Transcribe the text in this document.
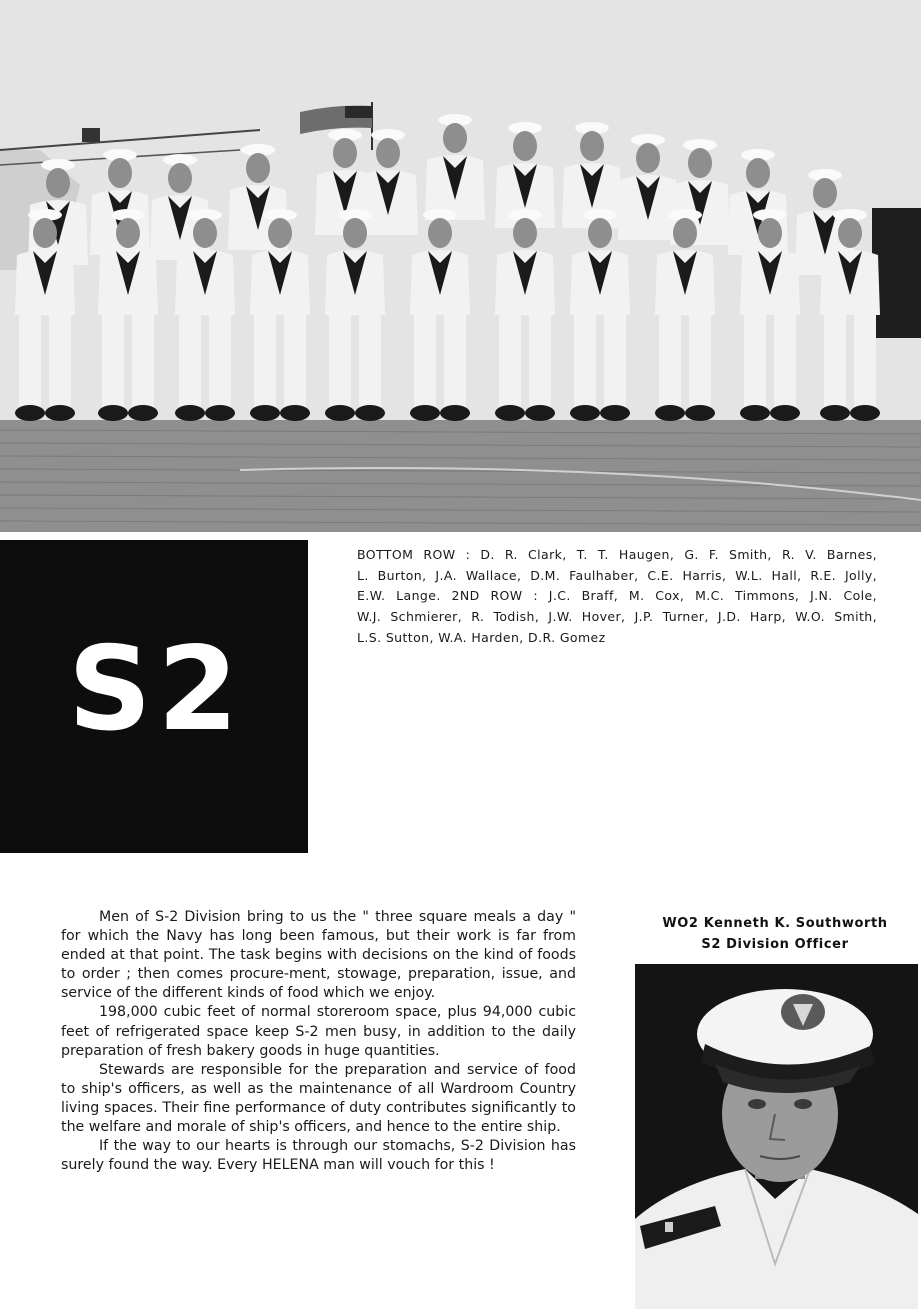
S2
BOTTOM ROW : D. R. Clark, T. T. Haugen, G. F. Smith, R. V. Barnes,
L. Burton, J.A. Wallace, D.M. Faulhaber, C.E. Harris, W.L. Hall, R.E. Jolly,
E.W. Lange. 2ND ROW : J.C. Braff, M. Cox, M.C. Timmons, J.N. Cole,
W.J. Schmierer, R. Todish, J.W. Hover, J.P. Turner, J.D. Harp, W.O. Smith,
L.S. Sutton, W.A. Harden, D.R. Gomez

Men of S-2 Division bring to us the " three square meals a day " for which the Navy has long been famous, but their work is far from ended at that point. The task begins with decisions on the kind of foods to order ; then comes procure-ment, stowage, preparation, issue, and service of the different kinds of food which we enjoy.

198,000 cubic feet of normal storeroom space, plus 94,000 cubic feet of refrigerated space keep S-2 men busy, in addition to the daily preparation of fresh bakery goods in huge quantities.

Stewards are responsible for the preparation and service of food to ship's officers, as well as the maintenance of all Wardroom Country living spaces. Their fine performance of duty contributes significantly to the welfare and morale of ship's officers, and hence to the entire ship.

If the way to our hearts is through our stomachs, S-2 Division has surely found the way. Every HELENA man will vouch for this !

WO2 Kenneth K. Southworth
S2 Division Officer
